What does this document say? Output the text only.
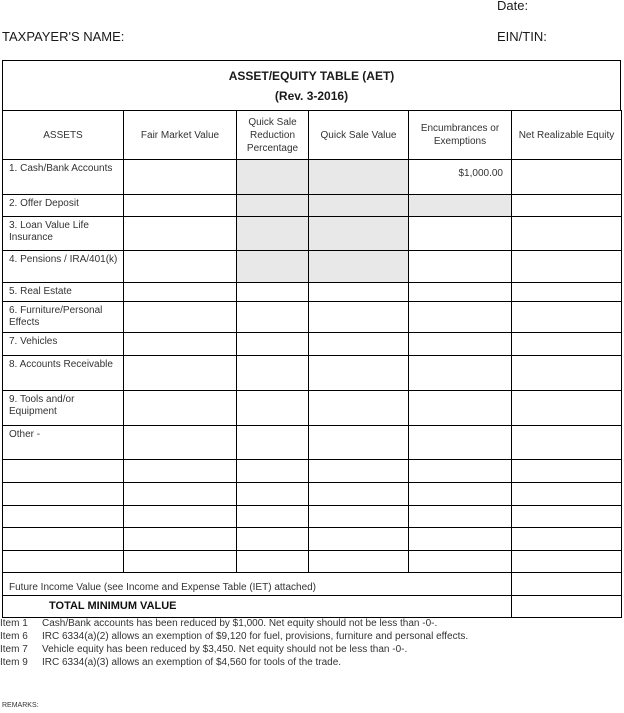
Date:
TAXPAYER'S NAME:	EIN/TIN:
ASSET/EQUITY TABLE (AET)
(Rev. 3-2016)
ASSETS	Fair Market Value	Quick Sale Reduction Percentage	Quick Sale Value	Encumbrances or Exemptions	Net Realizable Equity
1. Cash/Bank Accounts				$1,000.00	
2. Offer Deposit					
3. Loan Value Life Insurance					
4. Pensions / IRA/401(k)					
5. Real Estate					
6. Furniture/Personal Effects					
7. Vehicles					
8. Accounts Receivable					
9. Tools and/or Equipment					
Other -					

Future Income Value (see Income and Expense Table (IET) attached)					
TOTAL MINIMUM VALUE					
Item 1 Cash/Bank accounts has been reduced by $1,000. Net equity should not be less than -0-.
Item 6 IRC 6334(a)(2) allows an exemption of $9,120 for fuel, provisions, furniture and personal effects.
Item 7 Vehicle equity has been reduced by $3,450. Net equity should not be less than -0-.
Item 9 IRC 6334(a)(3) allows an exemption of $4,560 for tools of the trade.
REMARKS:
